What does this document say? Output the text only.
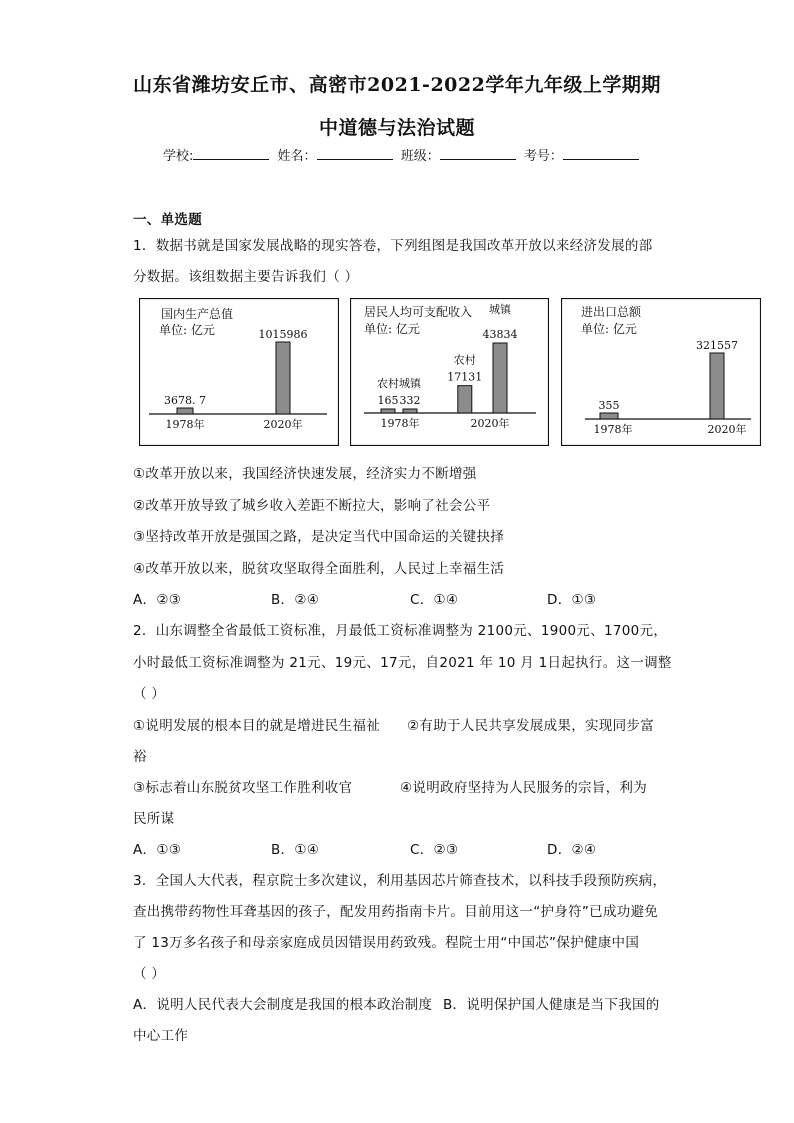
山东省潍坊安丘市、高密市2021-2022学年九年级上学期期
中道德与法治试题
学校:	姓名：	班级：	考号：
一、单选题
1．数据书就是国家发展战略的现实答卷，下列组图是我国改革开放以来经济发展的部
分数据。该组数据主要告诉我们（ ）
国内生产总值
单位: 亿元
3678. 7
1978年
1015986
2020年
居民人均可支配收入
单位: 亿元
165
农村
332
城镇
1978年
17131
农村
43834
城镇
2020年
进出口总额
单位: 亿元
355
1978年
321557
2020年
①改革开放以来，我国经济快速发展，经济实力不断增强
②改革开放导致了城乡收入差距不断拉大，影响了社会公平
③坚持改革开放是强国之路，是决定当代中国命运的关键抉择
④改革开放以来，脱贫攻坚取得全面胜利，人民过上幸福生活
A．②③	B．②④	C．①④	D．①③
2．山东调整全省最低工资标准，月最低工资标准调整为 2100元、1900元、1700元，
小时最低工资标准调整为 21元、19元、17元，自2021 年 10 月 1日起执行。这一调整
（ ）
①说明发展的根本目的就是增进民生福祉 ②有助于人民共享发展成果，实现同步富
裕
③标志着山东脱贫攻坚工作胜利收官	④说明政府坚持为人民服务的宗旨，利为
民所谋
A．①③	B．①④	C．②③	D．②④
3．全国人大代表，程京院士多次建议，利用基因芯片筛查技术，以科技手段预防疾病，
查出携带药物性耳聋基因的孩子，配发用药指南卡片。目前用这一“护身符”已成功避免
了 13万多名孩子和母亲家庭成员因错误用药致残。程院士用“中国芯”保护健康中国
（ ）
A．说明人民代表大会制度是我国的根本政治制度 B．说明保护国人健康是当下我国的
中心工作
